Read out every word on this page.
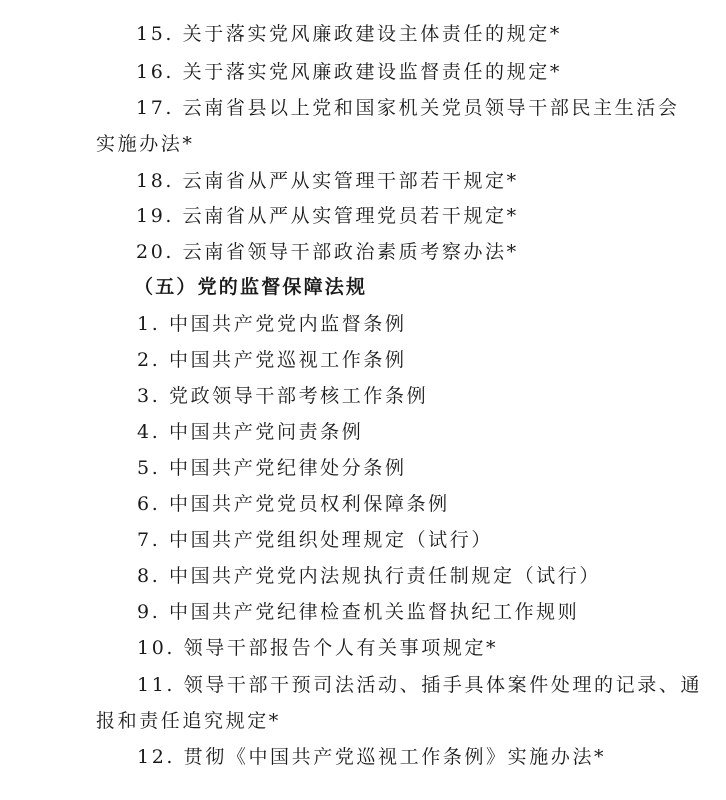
15. 关于落实党风廉政建设主体责任的规定*
16. 关于落实党风廉政建设监督责任的规定*
17. 云南省县以上党和国家机关党员领导干部民主生活会
实施办法*
18. 云南省从严从实管理干部若干规定*
19. 云南省从严从实管理党员若干规定*
20. 云南省领导干部政治素质考察办法*
（五）党的监督保障法规
1. 中国共产党党内监督条例
2. 中国共产党巡视工作条例
3. 党政领导干部考核工作条例
4. 中国共产党问责条例
5. 中国共产党纪律处分条例
6. 中国共产党党员权利保障条例
7. 中国共产党组织处理规定（试行）
8. 中国共产党党内法规执行责任制规定（试行）
9. 中国共产党纪律检查机关监督执纪工作规则
10. 领导干部报告个人有关事项规定*
11. 领导干部干预司法活动、插手具体案件处理的记录、通
报和责任追究规定*
12. 贯彻《中国共产党巡视工作条例》实施办法*
